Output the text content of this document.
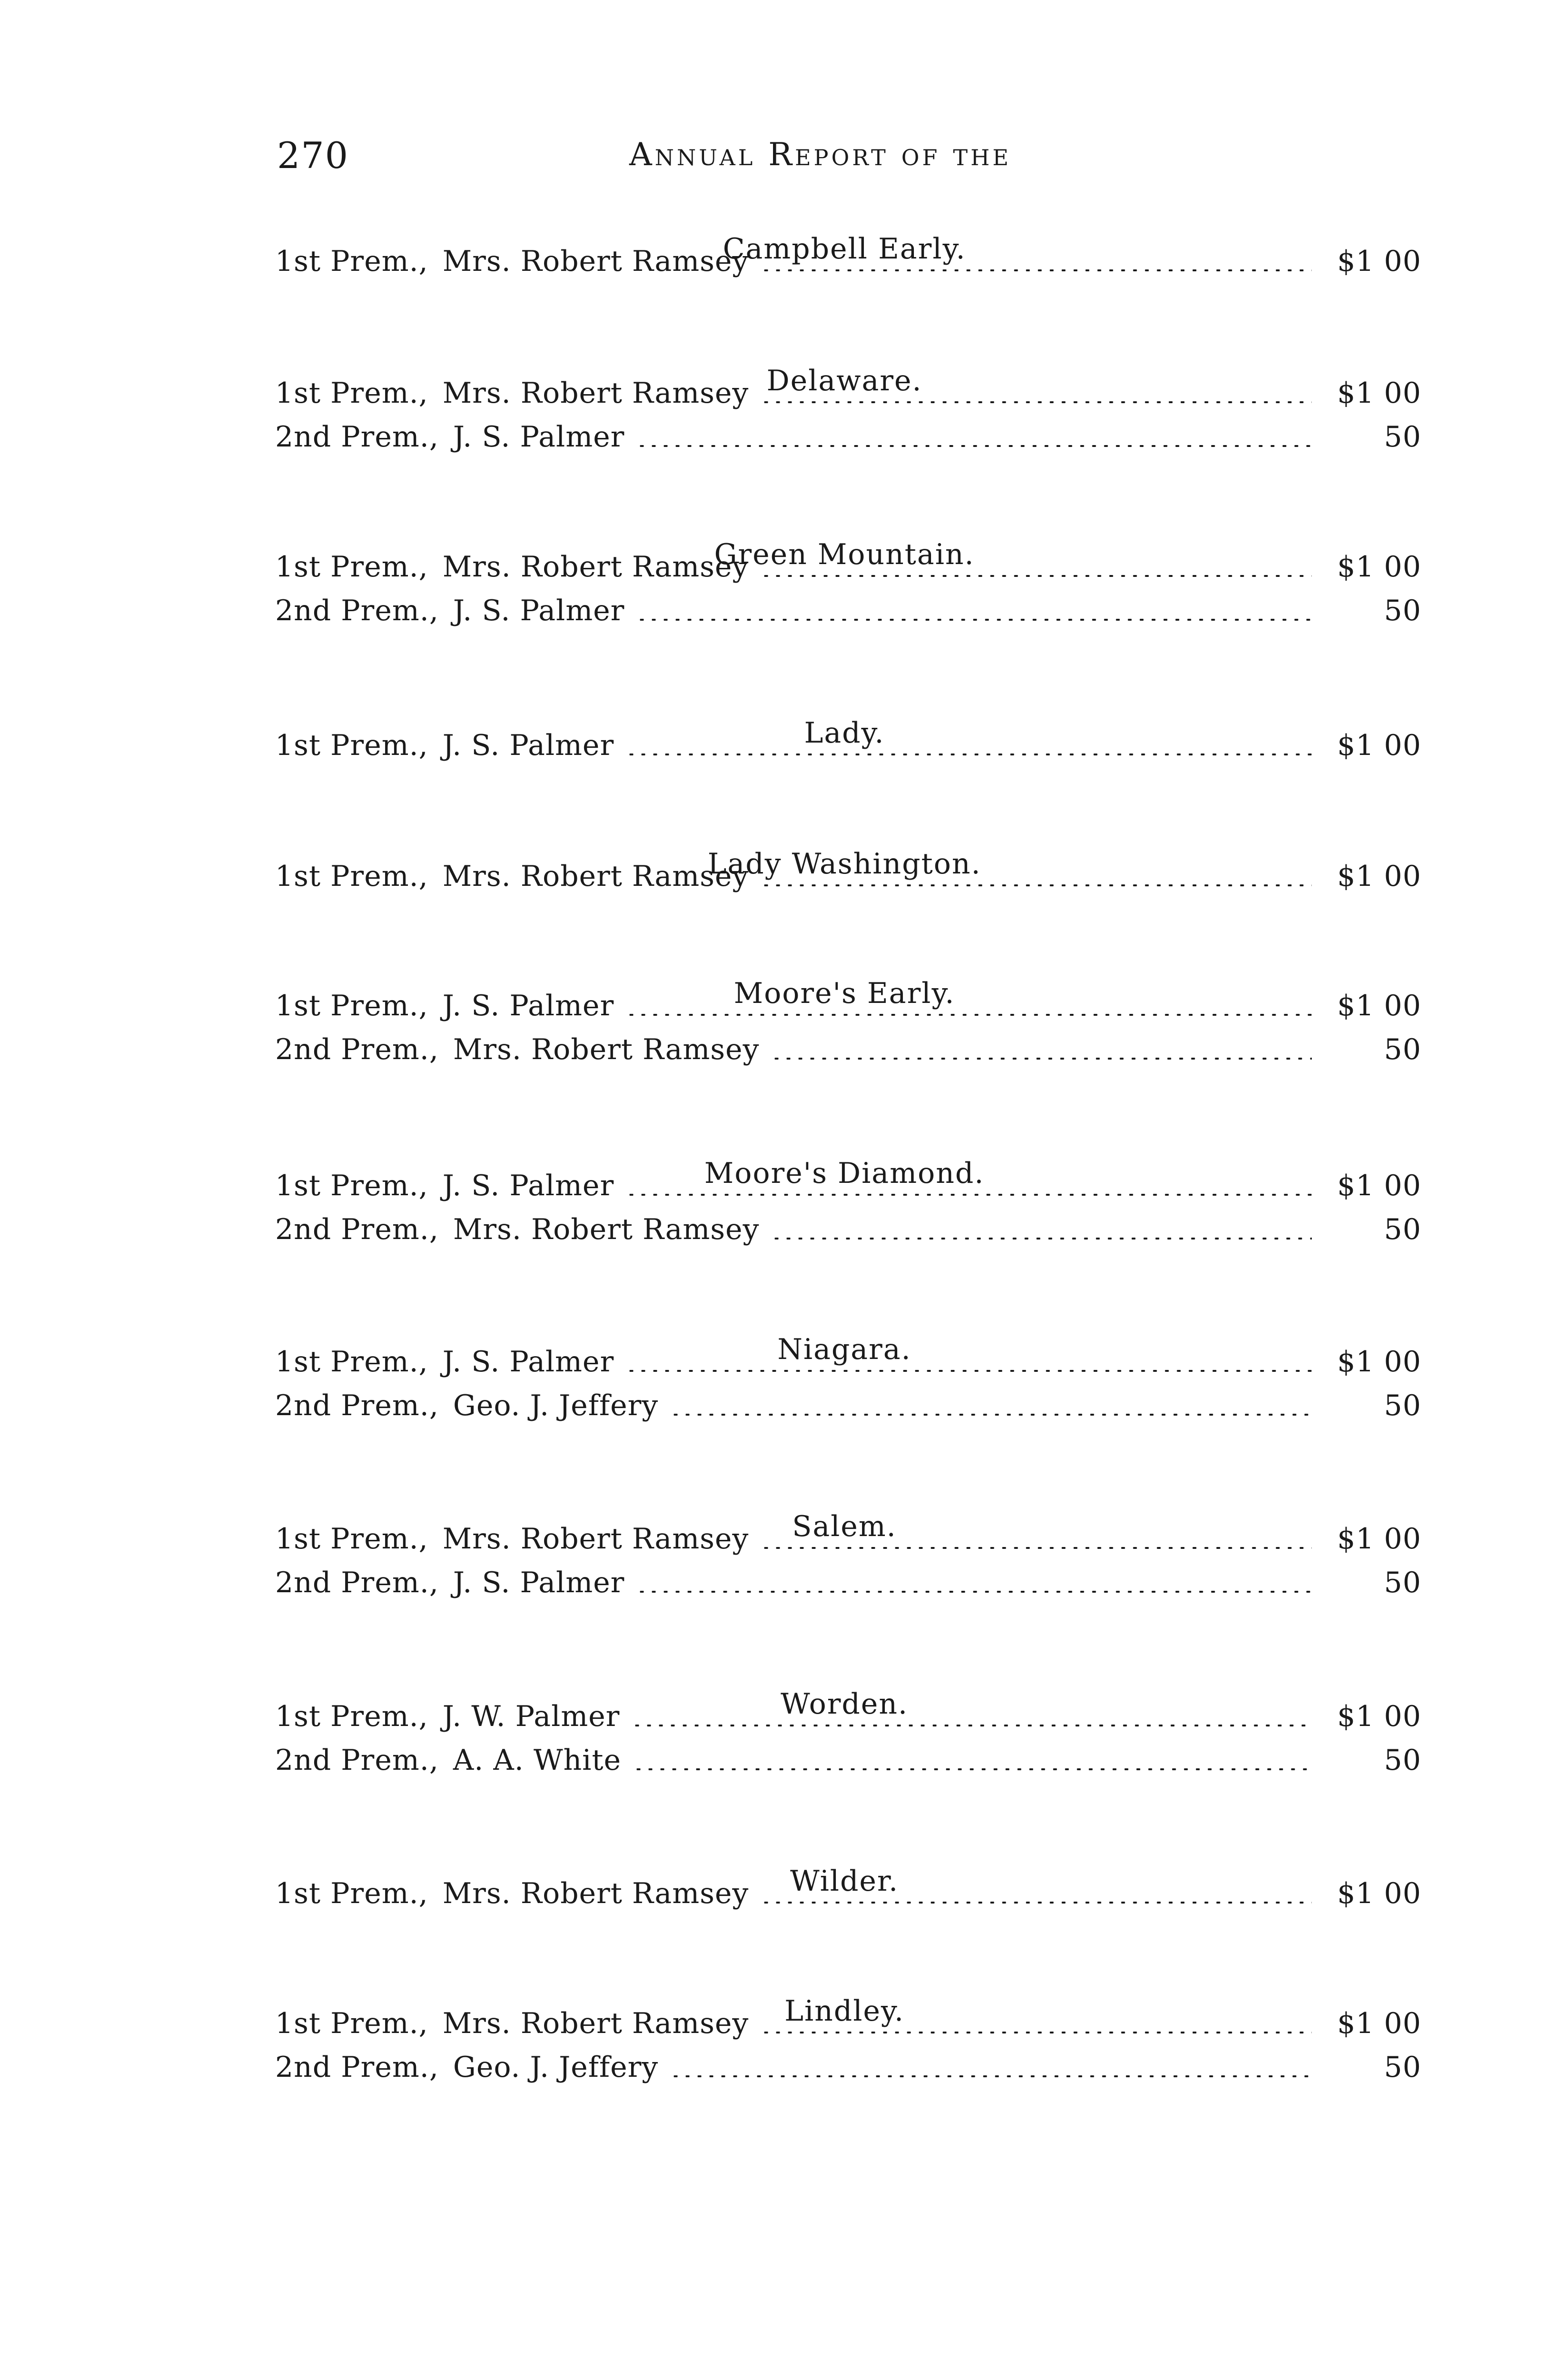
270	Annual Report of the
Campbell Early.
1st Prem., Mrs. Robert Ramsey	$1 00
Delaware.
1st Prem., Mrs. Robert Ramsey	$1 00
2nd Prem., J. S. Palmer	50
Green Mountain.
1st Prem., Mrs. Robert Ramsey	$1 00
2nd Prem., J. S. Palmer	50
Lady.
1st Prem., J. S. Palmer	$1 00
Lady Washington.
1st Prem., Mrs. Robert Ramsey	$1 00
Moore's Early.
1st Prem., J. S. Palmer	$1 00
2nd Prem., Mrs. Robert Ramsey	50
Moore's Diamond.
1st Prem., J. S. Palmer	$1 00
2nd Prem., Mrs. Robert Ramsey	50
Niagara.
1st Prem., J. S. Palmer	$1 00
2nd Prem., Geo. J. Jeffery	50
Salem.
1st Prem., Mrs. Robert Ramsey	$1 00
2nd Prem., J. S. Palmer	50
Worden.
1st Prem., J. W. Palmer	$1 00
2nd Prem., A. A. White	50
Wilder.
1st Prem., Mrs. Robert Ramsey	$1 00
Lindley.
1st Prem., Mrs. Robert Ramsey	$1 00
2nd Prem., Geo. J. Jeffery	50
